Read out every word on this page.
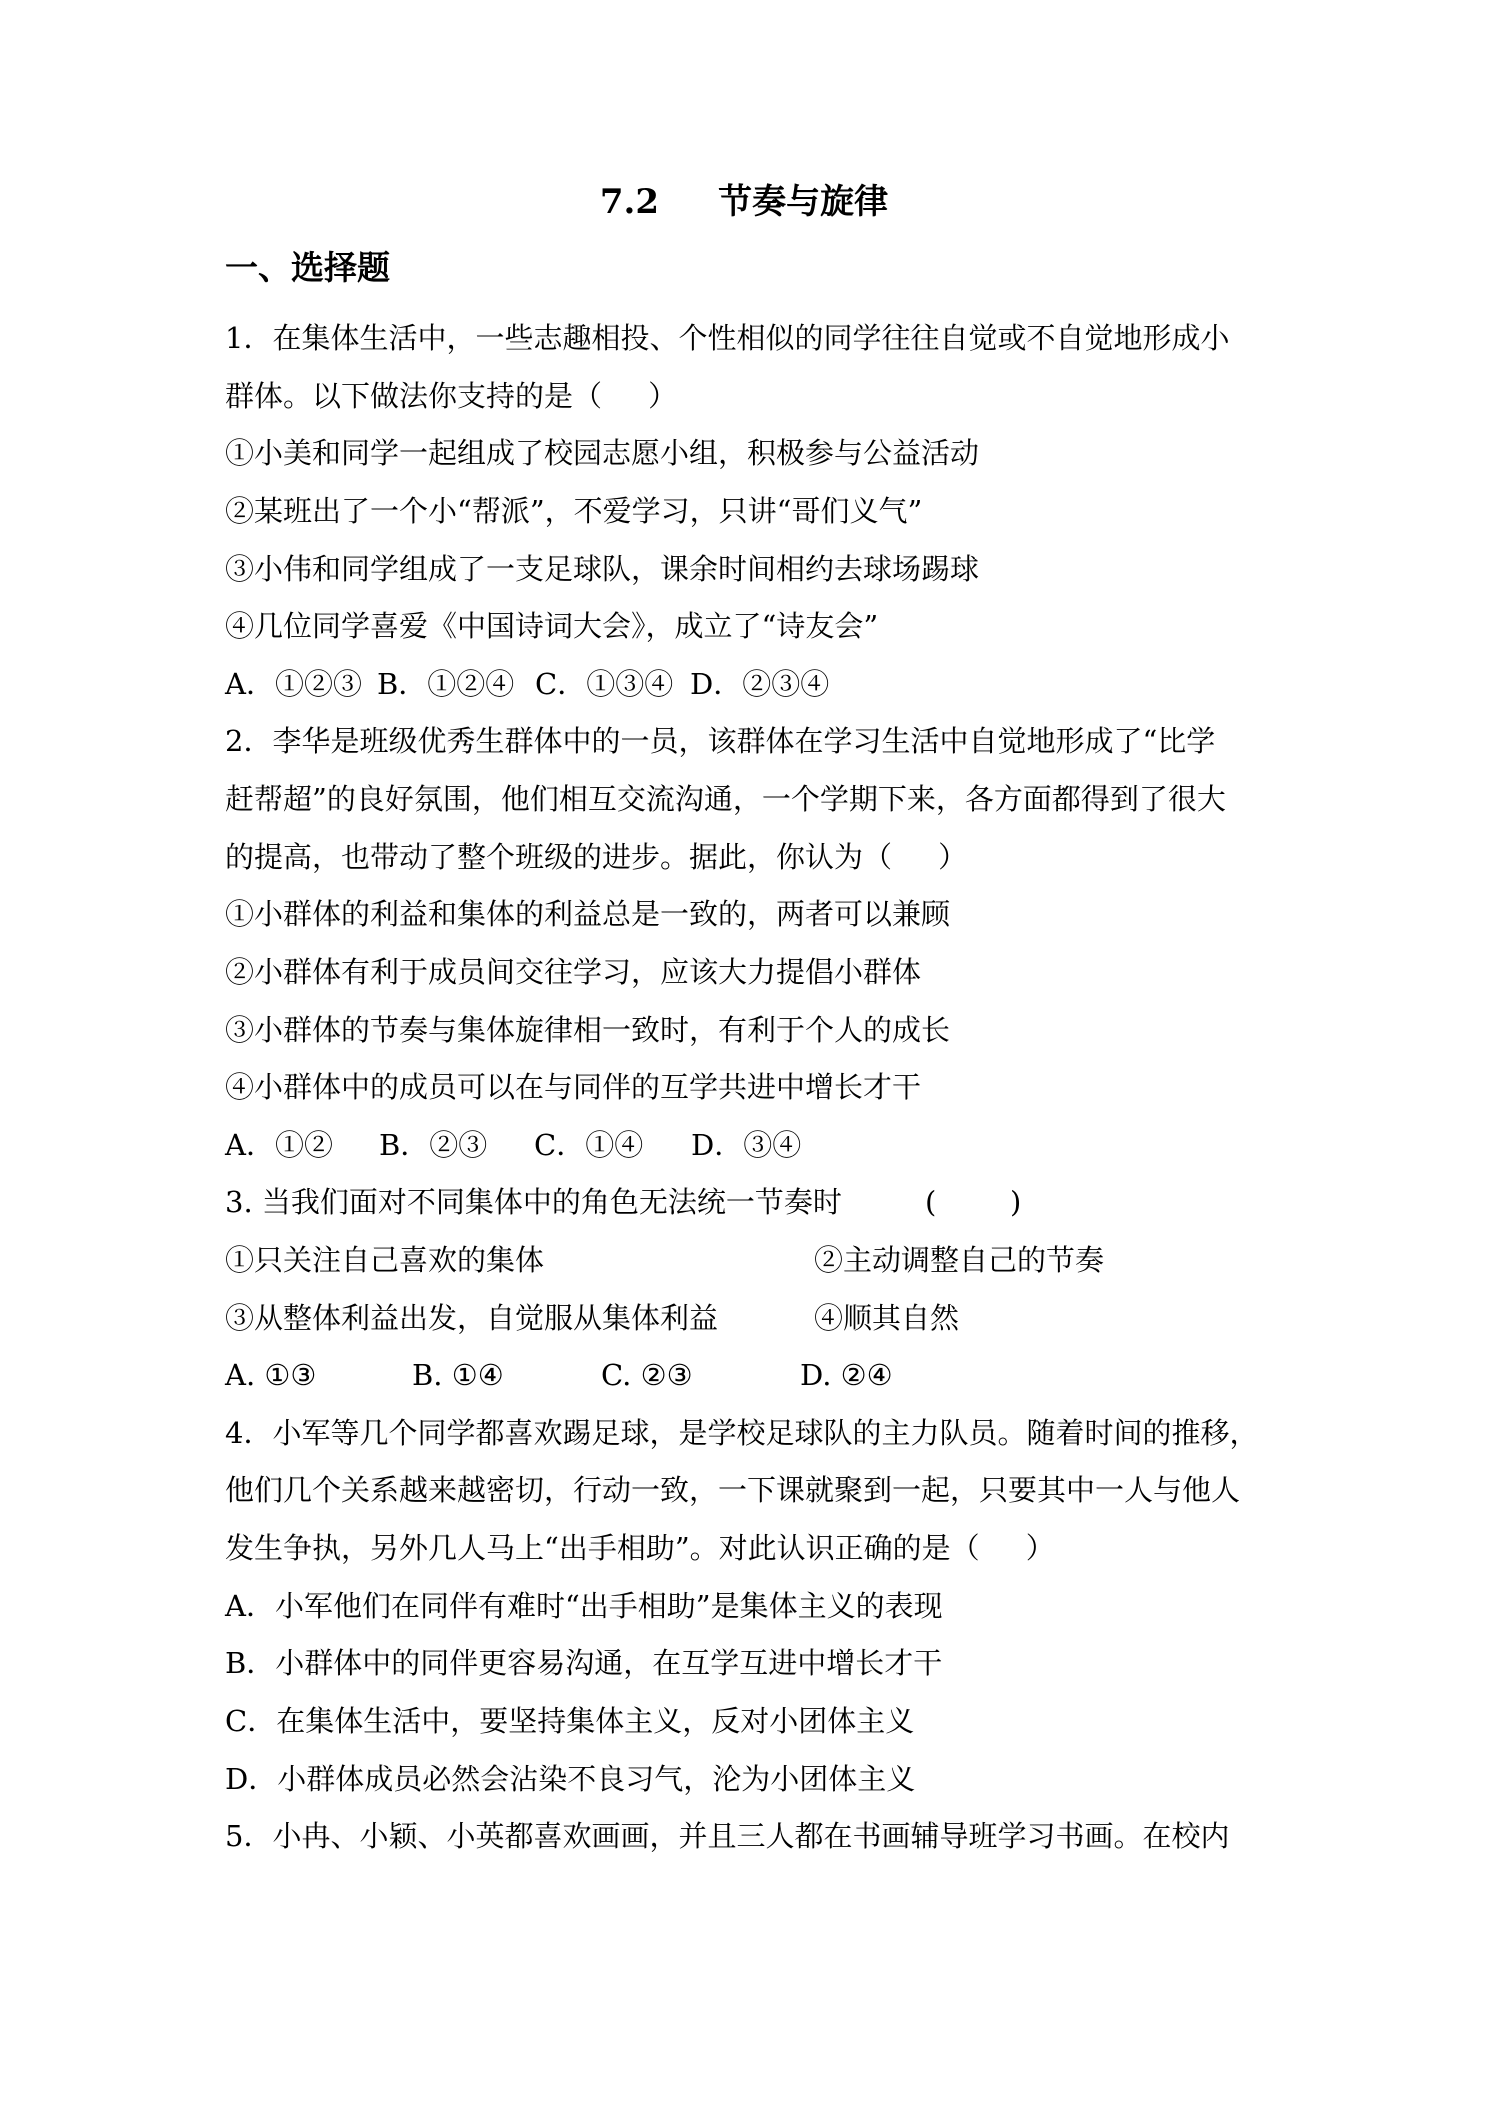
7.2     节奏与旋律
一、选择题
1．在集体生活中，一些志趣相投、个性相似的同学往往自觉或不自觉地形成小
群体。以下做法你支持的是（     ）
①小美和同学一起组成了校园志愿小组，积极参与公益活动
②某班出了一个小“帮派”，不爱学习，只讲“哥们义气”
③小伟和同学组成了一支足球队，课余时间相约去球场踢球
④几位同学喜爱《中国诗词大会》，成立了“诗友会”
A．①②③ B．①②④ C．①③④ D．②③④
2．李华是班级优秀生群体中的一员，该群体在学习生活中自觉地形成了“比学
赶帮超”的良好氛围，他们相互交流沟通，一个学期下来，各方面都得到了很大
的提高，也带动了整个班级的进步。据此，你认为（     ）
①小群体的利益和集体的利益总是一致的，两者可以兼顾
②小群体有利于成员间交往学习，应该大力提倡小群体
③小群体的节奏与集体旋律相一致时，有利于个人的成长
④小群体中的成员可以在与同伴的互学共进中增长才干
A．①② B．②③ C．①④ D．③④
3. 当我们面对不同集体中的角色无法统一节奏时	(        )
①只关注自己喜欢的集体	②主动调整自己的节奏
③从整体利益出发，自觉服从集体利益	④顺其自然
A. ①③	B. ①④	C. ②③	D. ②④
4．小军等几个同学都喜欢踢足球，是学校足球队的主力队员。随着时间的推移，
他们几个关系越来越密切，行动一致，一下课就聚到一起，只要其中一人与他人
发生争执，另外几人马上“出手相助”。对此认识正确的是（     ）
A．小军他们在同伴有难时“出手相助”是集体主义的表现
B．小群体中的同伴更容易沟通，在互学互进中增长才干
C．在集体生活中，要坚持集体主义，反对小团体主义
D．小群体成员必然会沾染不良习气，沦为小团体主义
5．小冉、小颖、小英都喜欢画画，并且三人都在书画辅导班学习书画。在校内
